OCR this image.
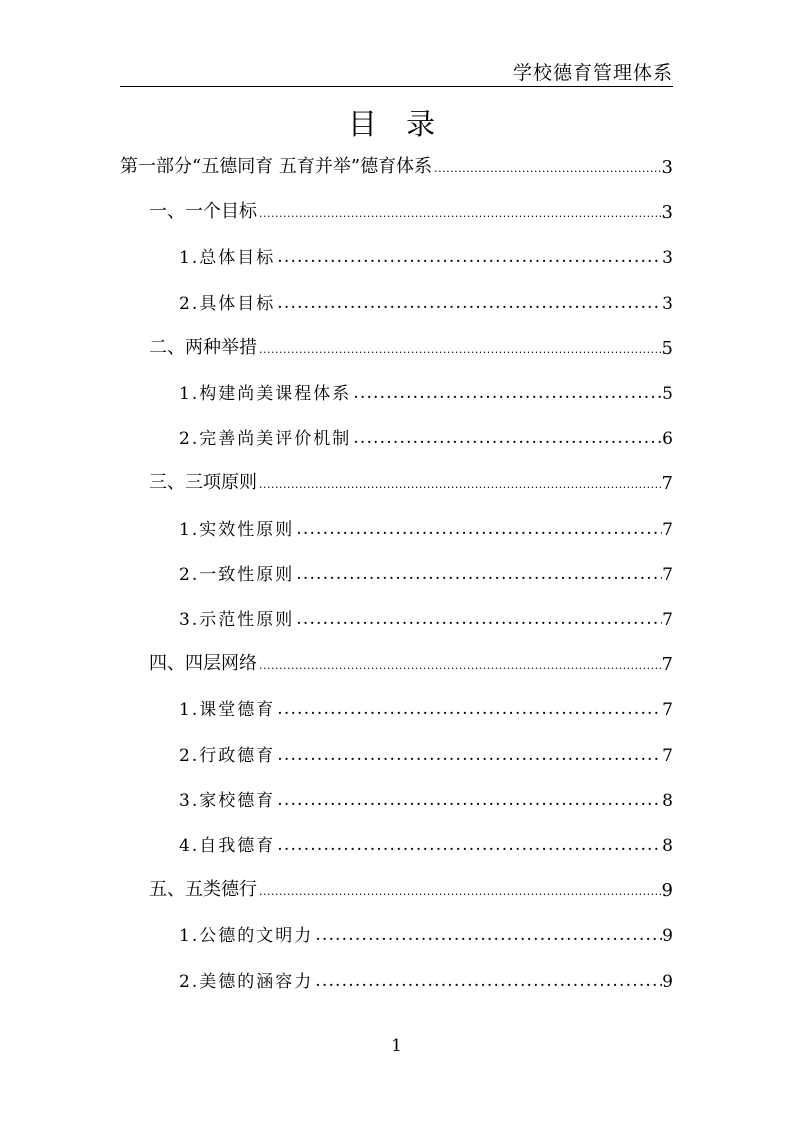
学校德育管理体系
目 录
第一部分“五德同育 五育并举”德育体系 .....	3
一、一个目标 .....	3
1.总体目标 .....	3
2.具体目标 .....	3
二、两种举措 .....	5
1.构建尚美课程体系 .....	5
2.完善尚美评价机制 .....	6
三、三项原则 .....	7
1.实效性原则 .....	7
2.一致性原则 .....	7
3.示范性原则 .....	7
四、四层网络 .....	7
1.课堂德育 .....	7
2.行政德育 .....	7
3.家校德育 .....	8
4.自我德育 .....	8
五、五类德行 .....	9
1.公德的文明力 .....	9
2.美德的涵容力 .....	9
1
